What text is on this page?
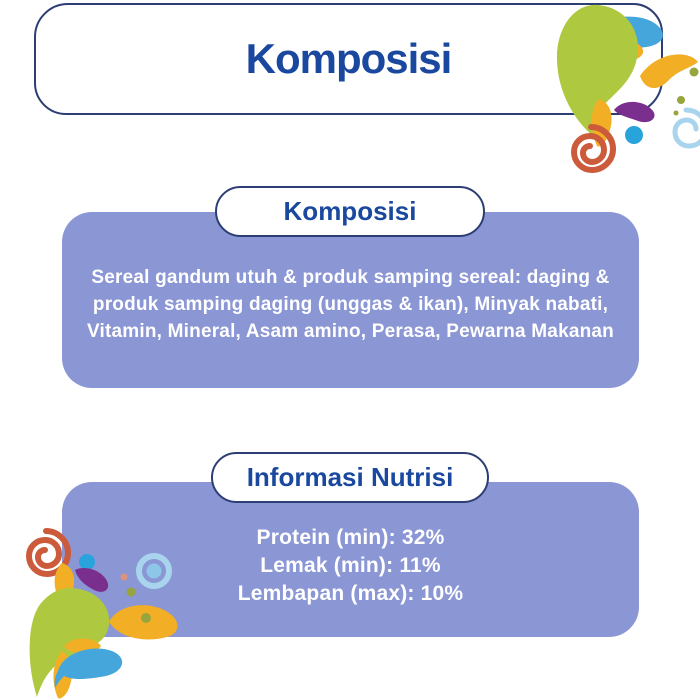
Komposisi
Komposisi
Sereal gandum utuh & produk samping sereal: daging &
produk samping daging (unggas & ikan), Minyak nabati,
Vitamin, Mineral, Asam amino, Perasa, Pewarna Makanan
Informasi Nutrisi
Protein (min): 32%
Lemak (min): 11%
Lembapan (max): 10%
